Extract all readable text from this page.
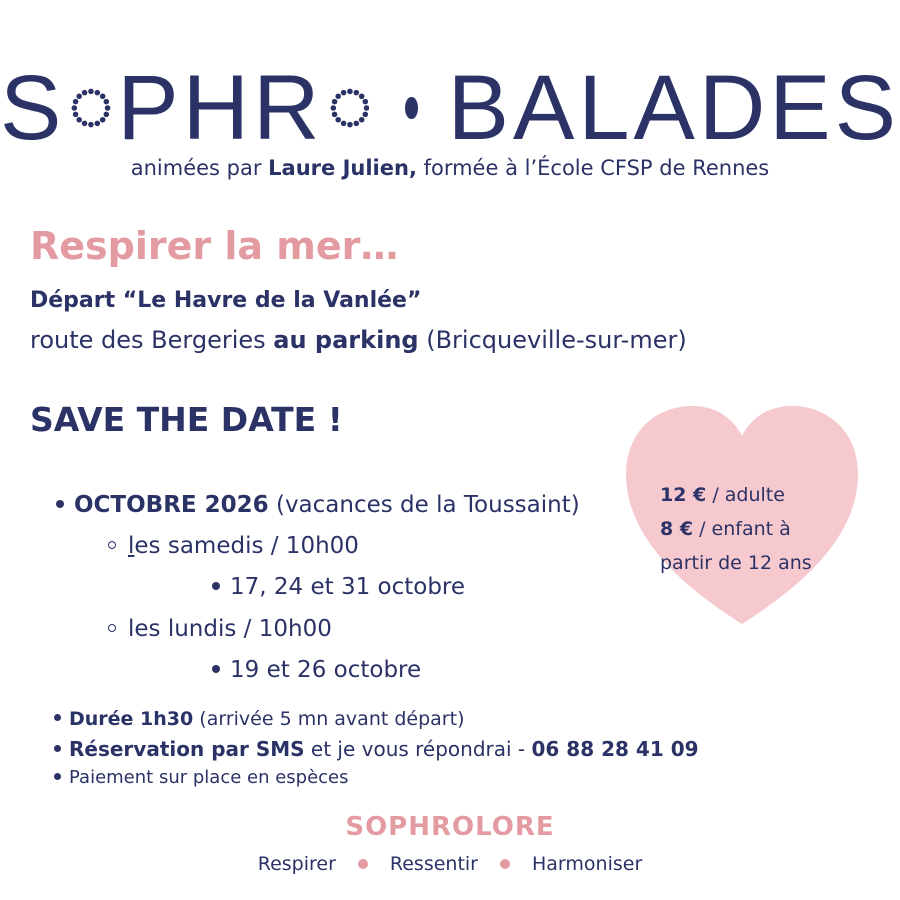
S PHR BALADES
animées par Laure Julien, formée à l’École CFSP de Rennes
Respirer la mer…
Départ “Le Havre de la Vanlée”
route des Bergeries au parking (Bricqueville-sur-mer)
SAVE THE DATE !
12 € / adulte
8 € / enfant à
partir de 12 ans
OCTOBRE 2026 (vacances de la Toussaint)
les samedis / 10h00
17, 24 et 31 octobre
les lundis / 10h00
19 et 26 octobre
Durée 1h30 (arrivée 5 mn avant départ)
Réservation par SMS et je vous répondrai - 06 88 28 41 09
Paiement sur place en espèces
SOPHROLORE
Respirer	Ressentir	Harmoniser
